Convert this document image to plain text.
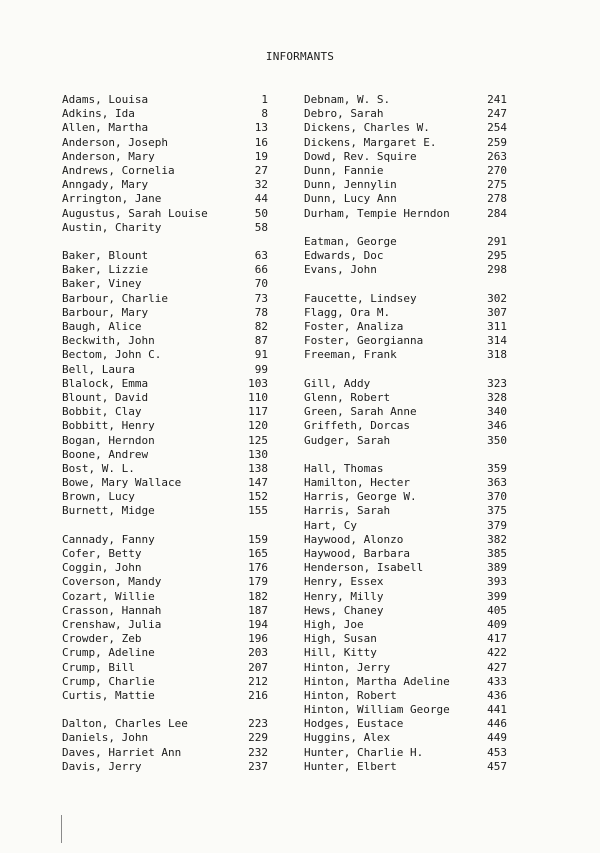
INFORMANTS
Adams, Louisa	1
Adkins, Ida	8
Allen, Martha	13
Anderson, Joseph	16
Anderson, Mary	19
Andrews, Cornelia	27
Anngady, Mary	32
Arrington, Jane	44
Augustus, Sarah Louise	50
Austin, Charity	58
Baker, Blount	63
Baker, Lizzie	66
Baker, Viney	70
Barbour, Charlie	73
Barbour, Mary	78
Baugh, Alice	82
Beckwith, John	87
Bectom, John C.	91
Bell, Laura	99
Blalock, Emma	103
Blount, David	110
Bobbit, Clay	117
Bobbitt, Henry	120
Bogan, Herndon	125
Boone, Andrew	130
Bost, W. L.	138
Bowe, Mary Wallace	147
Brown, Lucy	152
Burnett, Midge	155
Cannady, Fanny	159
Cofer, Betty	165
Coggin, John	176
Coverson, Mandy	179
Cozart, Willie	182
Crasson, Hannah	187
Crenshaw, Julia	194
Crowder, Zeb	196
Crump, Adeline	203
Crump, Bill	207
Crump, Charlie	212
Curtis, Mattie	216
Dalton, Charles Lee	223
Daniels, John	229
Daves, Harriet Ann	232
Davis, Jerry	237
Debnam, W. S.	241
Debro, Sarah	247
Dickens, Charles W.	254
Dickens, Margaret E.	259
Dowd, Rev. Squire	263
Dunn, Fannie	270
Dunn, Jennylin	275
Dunn, Lucy Ann	278
Durham, Tempie Herndon	284
Eatman, George	291
Edwards, Doc	295
Evans, John	298
Faucette, Lindsey	302
Flagg, Ora M.	307
Foster, Analiza	311
Foster, Georgianna	314
Freeman, Frank	318
Gill, Addy	323
Glenn, Robert	328
Green, Sarah Anne	340
Griffeth, Dorcas	346
Gudger, Sarah	350
Hall, Thomas	359
Hamilton, Hecter	363
Harris, George W.	370
Harris, Sarah	375
Hart, Cy	379
Haywood, Alonzo	382
Haywood, Barbara	385
Henderson, Isabell	389
Henry, Essex	393
Henry, Milly	399
Hews, Chaney	405
High, Joe	409
High, Susan	417
Hill, Kitty	422
Hinton, Jerry	427
Hinton, Martha Adeline	433
Hinton, Robert	436
Hinton, William George	441
Hodges, Eustace	446
Huggins, Alex	449
Hunter, Charlie H.	453
Hunter, Elbert	457
